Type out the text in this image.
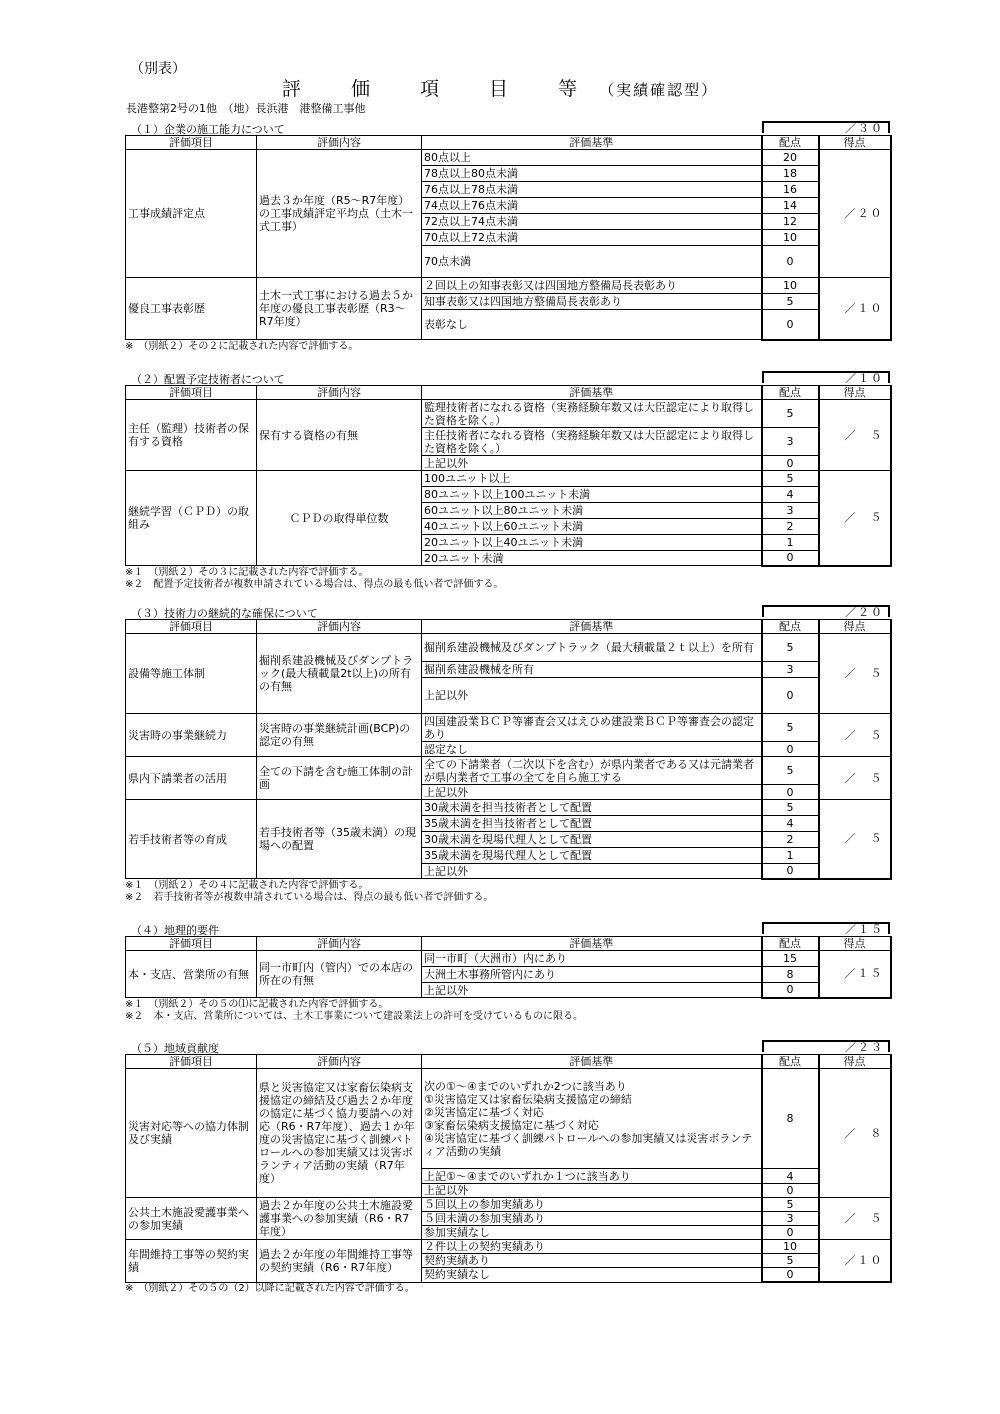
（別表）
評 価 項 目 等（実績確認型）
長港整第2号の1他　（地）長浜港　港整備工事他
（１）企業の施工能力について	／３０
評価項目	評価内容	評価基準	配点	得点
工事成績評定点	過去３か年度（R5～R7年度）の工事成績評定平均点（土木一式工事）	80点以上	20	／２０
		78点以上80点未満	18	
		76点以上78点未満	16	
		74点以上76点未満	14	
		72点以上74点未満	12	
		70点以上72点未満	10	
		70点未満	0	
優良工事表彰歴	土木一式工事における過去５か年度の優良工事表彰歴（R3～R7年度）	２回以上の知事表彰又は四国地方整備局長表彰あり	10	／１０
		知事表彰又は四国地方整備局長表彰あり	5	
		表彰なし	0	
※　（別紙２）その２に記載された内容で評価する。
（２）配置予定技術者について	／１０
評価項目	評価内容	評価基準	配点	得点
主任（監理）技術者の保有する資格	保有する資格の有無	監理技術者になれる資格（実務経験年数又は大臣認定により取得した資格を除く。）	5	／　５
		主任技術者になれる資格（実務経験年数又は大臣認定により取得した資格を除く。）	3	
		上記以外	0	
継続学習（ＣＰＤ）の取組み	ＣＰＤの取得単位数	100ユニット以上	5	／　５
		80ユニット以上100ユニット未満	4	
		60ユニット以上80ユニット未満	3	
		40ユニット以上60ユニット未満	2	
		20ユニット以上40ユニット未満	1	
		20ユニット未満	0	
※１　（別紙２）その３に記載された内容で評価する。
※２　配置予定技術者が複数申請されている場合は、得点の最も低い者で評価する。
（３）技術力の継続的な確保について	／２０
評価項目	評価内容	評価基準	配点	得点
設備等施工体制	掘削系建設機械及びダンプトラック(最大積載量2t以上)の所有の有無	掘削系建設機械及びダンプトラック（最大積載量２ｔ以上）を所有	5	／　５
		掘削系建設機械を所有	3	
		上記以外	0	
災害時の事業継続力	災害時の事業継続計画(BCP)の認定の有無	四国建設業ＢＣＰ等審査会又はえひめ建設業ＢＣＰ等審査会の認定あり	5	／　５
		認定なし	0	
県内下請業者の活用	全ての下請を含む施工体制の計画	全ての下請業者（二次以下を含む）が県内業者である又は元請業者が県内業者で工事の全てを自ら施工する	5	／　５
		上記以外	0	
若手技術者等の育成	若手技術者等（35歳未満）の現場への配置	30歳未満を担当技術者として配置	5	／　５
		35歳未満を担当技術者として配置	4	
		30歳未満を現場代理人として配置	2	
		35歳未満を現場代理人として配置	1	
		上記以外	0	
※１　（別紙２）その４に記載された内容で評価する。
※２　若手技術者等が複数申請されている場合は、得点の最も低い者で評価する。
（４）地理的要件	／１５
評価項目	評価内容	評価基準	配点	得点
本・支店、営業所の有無	同一市町内（管内）での本店の所在の有無	同一市町（大洲市）内にあり	15	／１５
		大洲土木事務所管内にあり	8	
		上記以外	0	
※１　（別紙２）その５の⑴に記載された内容で評価する。
※２　本・支店、営業所については、土木工事業について建設業法上の許可を受けているものに限る。
（５）地域貢献度	／２３
評価項目	評価内容	評価基準	配点	得点
災害対応等への協力体制及び実績	県と災害協定又は家畜伝染病支援協定の締結及び過去２か年度の協定に基づく協力要請への対応（R6・R7年度）、過去１か年度の災害協定に基づく訓練パトロールへの参加実績又は災害ボランティア活動の実績（R7年度）	次の①～④までのいずれか2つに該当あり
①災害協定又は家畜伝染病支援協定の締結
②災害協定に基づく対応
③家畜伝染病支援協定に基づく対応
④災害協定に基づく訓練パトロールへの参加実績又は災害ボランティア活動の実績	8	／　８
		上記①～④までのいずれか１つに該当あり	4	
		上記以外	0	
公共土木施設愛護事業への参加実績	過去２か年度の公共土木施設愛護事業への参加実績（R6・R7年度）	５回以上の参加実績あり	5	／　５
		５回未満の参加実績あり	3	
		参加実績なし	0	
年間維持工事等の契約実績	過去２か年度の年間維持工事等の契約実績（R6・R7年度）	２件以上の契約実績あり	10	／１０
		契約実績あり	5	
		契約実績なし	0	
※　（別紙２）その５の（2）以降に記載された内容で評価する。
